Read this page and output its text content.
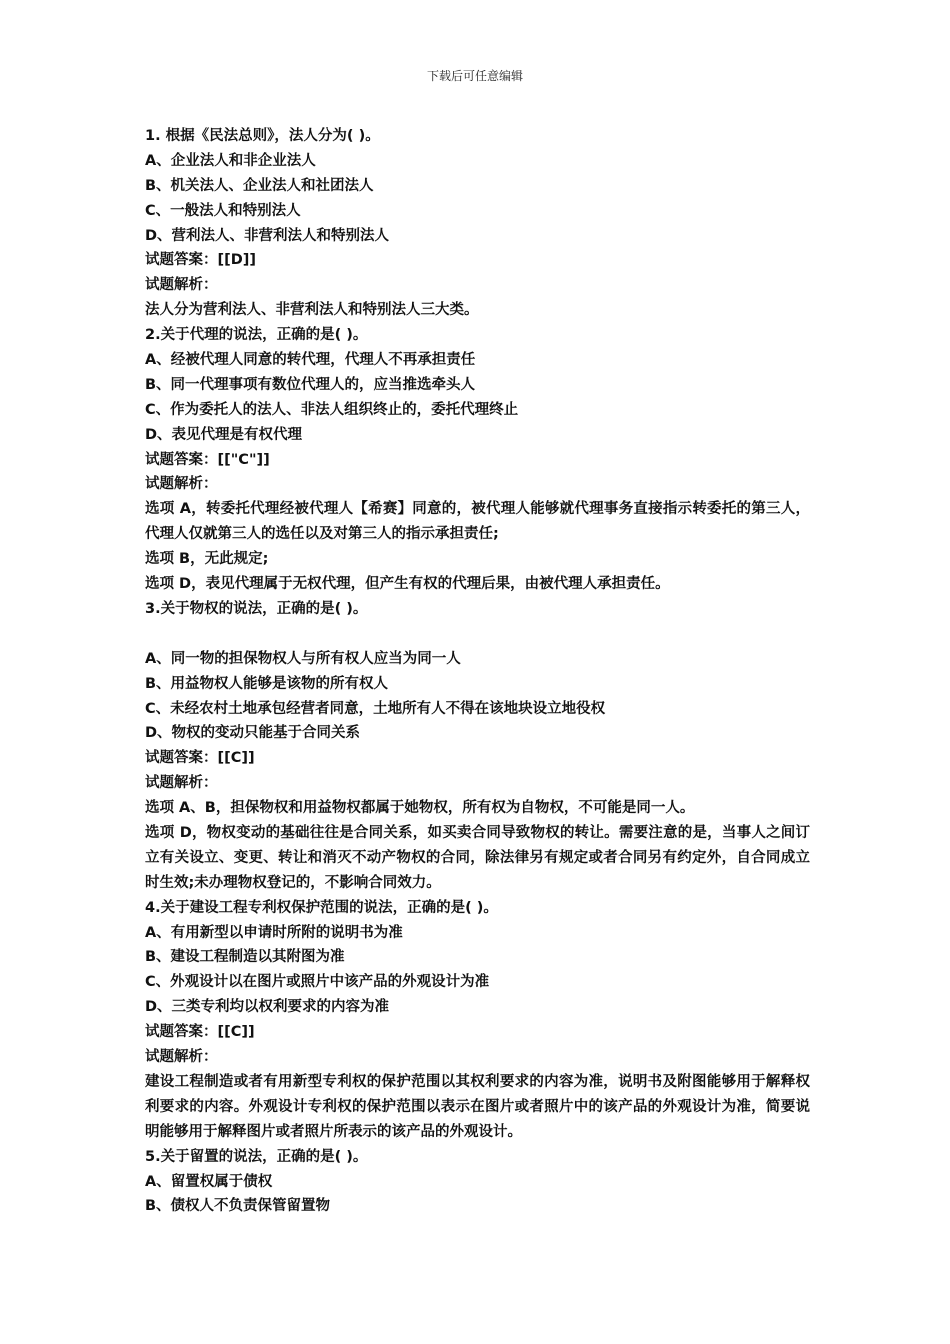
下载后可任意编辑
1. 根据《民法总则》，法人分为( )。
A、企业法人和非企业法人
B、机关法人、企业法人和社团法人
C、一般法人和特别法人
D、营利法人、非营利法人和特别法人
试题答案：[[D]]
试题解析：
法人分为营利法人、非营利法人和特别法人三大类。
2.关于代理的说法，正确的是( )。
A、经被代理人同意的转代理，代理人不再承担责任
B、同一代理事项有数位代理人的，应当推选牵头人
C、作为委托人的法人、非法人组织终止的，委托代理终止
D、表见代理是有权代理
试题答案：[["C"]]
试题解析：
选项 A，转委托代理经被代理人【希赛】同意的，被代理人能够就代理事务直接指示转委托的第三人，代理人仅就第三人的选任以及对第三人的指示承担责任;
选项 B，无此规定;
选项 D，表见代理属于无权代理，但产生有权的代理后果，由被代理人承担责任。
3.关于物权的说法，正确的是( )。
A、同一物的担保物权人与所有权人应当为同一人
B、用益物权人能够是该物的所有权人
C、未经农村土地承包经营者同意，土地所有人不得在该地块设立地役权
D、物权的变动只能基于合同关系
试题答案：[[C]]
试题解析：
选项 A、B，担保物权和用益物权都属于她物权，所有权为自物权，不可能是同一人。
选项 D，物权变动的基础往往是合同关系，如买卖合同导致物权的转让。需要注意的是，当事人之间订立有关设立、变更、转让和消灭不动产物权的合同，除法律另有规定或者合同另有约定外，自合同成立时生效;未办理物权登记的，不影响合同效力。
4.关于建设工程专利权保护范围的说法，正确的是( )。
A、有用新型以申请时所附的说明书为准
B、建设工程制造以其附图为准
C、外观设计以在图片或照片中该产品的外观设计为准
D、三类专利均以权利要求的内容为准
试题答案：[[C]]
试题解析：
建设工程制造或者有用新型专利权的保护范围以其权利要求的内容为准，说明书及附图能够用于解释权利要求的内容。外观设计专利权的保护范围以表示在图片或者照片中的该产品的外观设计为准，简要说明能够用于解释图片或者照片所表示的该产品的外观设计。
5.关于留置的说法，正确的是( )。
A、留置权属于债权
B、债权人不负责保管留置物
